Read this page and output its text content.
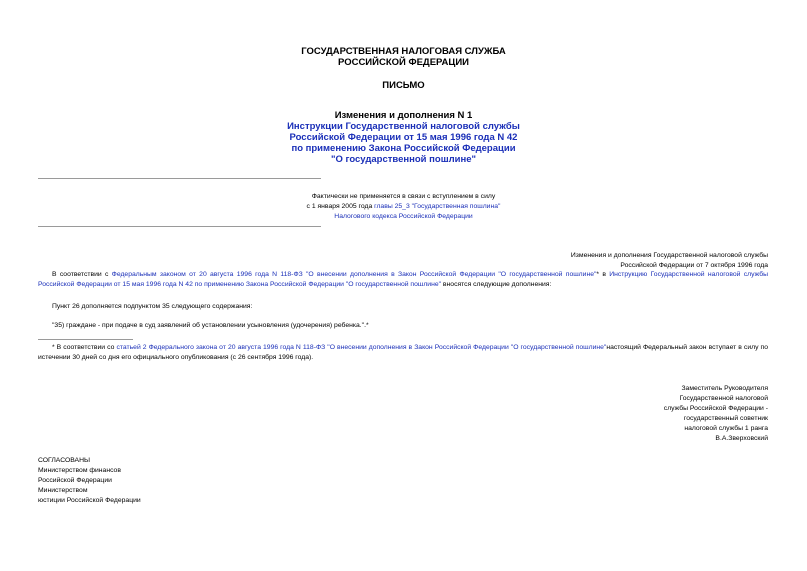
ГОСУДАРСТВЕННАЯ НАЛОГОВАЯ СЛУЖБА
РОССИЙСКОЙ ФЕДЕРАЦИИ
ПИСЬМО
Изменения и дополнения N 1
Инструкции Государственной налоговой службы
Российской Федерации от 15 мая 1996 года N 42
по применению Закона Российской Федерации
"О государственной пошлине"
Фактически не применяется в связи с вступлением в силу
с 1 января 2005 года главы 25_3 "Государственная пошлина"
Налогового кодекса Российской Федерации
Изменения и дополнения Государственной налоговой службы
Российской Федерации от 7 октября 1996 года
В соответствии с Федеральным законом от 20 августа 1996 года N 118-ФЗ "О внесении дополнения в Закон Российской Федерации "О государственной пошлине"* в Инструкцию Государственной налоговой службы Российской Федерации от 15 мая 1996 года N 42 по применению Закона Российской Федерации "О государственной пошлине" вносятся следующие дополнения:
Пункт 26 дополняется подпунктом 35 следующего содержания:
"35) граждане - при подаче в суд заявлений об установлении усыновления (удочерения) ребенка.".*
* В соответствии со статьей 2 Федерального закона от 20 августа 1996 года N 118-ФЗ "О внесении дополнения в Закон Российской Федерации "О государственной пошлине"настоящий Федеральный закон вступает в силу по истечении 30 дней со дня его официального опубликования (с 26 сентября 1996 года).
Заместитель Руководителя
Государственной налоговой
службы Российской Федерации -
государственный советник
налоговой службы 1 ранга
В.А.Зверховский
СОГЛАСОВАНЫ
Министерством финансов
Российской Федерации
Министерством
юстиции Российской Федерации
